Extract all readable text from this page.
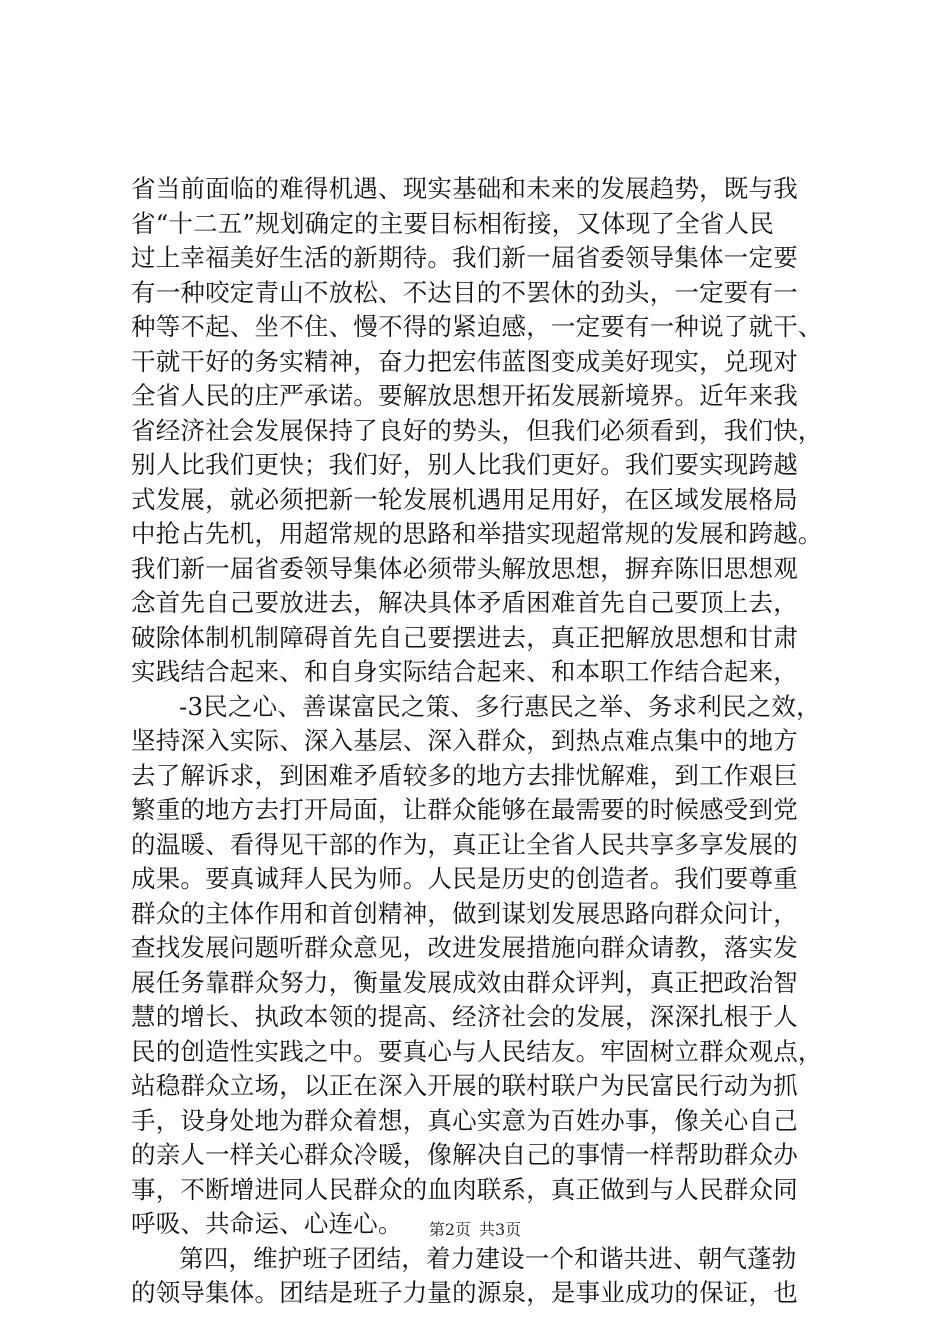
省当前面临的难得机遇、现实基础和未来的发展趋势，既与我
省“十二五”规划确定的主要目标相衔接，又体现了全省人民
过上幸福美好生活的新期待。我们新一届省委领导集体一定要
有一种咬定青山不放松、不达目的不罢休的劲头，一定要有一
种等不起、坐不住、慢不得的紧迫感，一定要有一种说了就干、
干就干好的务实精神，奋力把宏伟蓝图变成美好现实，兑现对
全省人民的庄严承诺。要解放思想开拓发展新境界。近年来我
省经济社会发展保持了良好的势头，但我们必须看到，我们快，
别人比我们更快；我们好，别人比我们更好。我们要实现跨越
式发展，就必须把新一轮发展机遇用足用好，在区域发展格局
中抢占先机，用超常规的思路和举措实现超常规的发展和跨越。
我们新一届省委领导集体必须带头解放思想，摒弃陈旧思想观
念首先自己要放进去，解决具体矛盾困难首先自己要顶上去，
破除体制机制障碍首先自己要摆进去，真正把解放思想和甘肃
实践结合起来、和自身实际结合起来、和本职工作结合起来，
-3民之心、善谋富民之策、多行惠民之举、务求利民之效，
坚持深入实际、深入基层、深入群众，到热点难点集中的地方
去了解诉求，到困难矛盾较多的地方去排忧解难，到工作艰巨
繁重的地方去打开局面，让群众能够在最需要的时候感受到党
的温暖、看得见干部的作为，真正让全省人民共享多享发展的
成果。要真诚拜人民为师。人民是历史的创造者。我们要尊重
群众的主体作用和首创精神，做到谋划发展思路向群众问计，
查找发展问题听群众意见，改进发展措施向群众请教，落实发
展任务靠群众努力，衡量发展成效由群众评判，真正把政治智
慧的增长、执政本领的提高、经济社会的发展，深深扎根于人
民的创造性实践之中。要真心与人民结友。牢固树立群众观点，
站稳群众立场，以正在深入开展的联村联户为民富民行动为抓
手，设身处地为群众着想，真心实意为百姓办事，像关心自己
的亲人一样关心群众冷暖，像解决自己的事情一样帮助群众办
事，不断增进同人民群众的血肉联系，真正做到与人民群众同
呼吸、共命运、心连心。
第四，维护班子团结，着力建设一个和谐共进、朝气蓬勃
的领导集体。团结是班子力量的源泉，是事业成功的保证，也
第2页 共3页
